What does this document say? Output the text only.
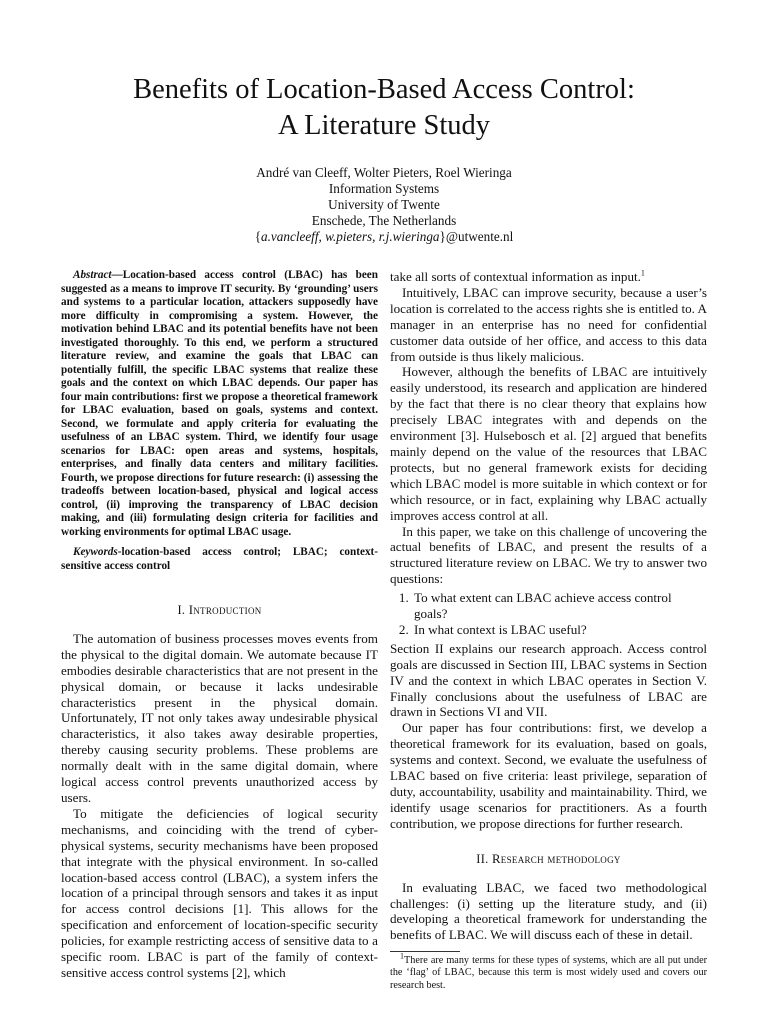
Benefits of Location-Based Access Control:
A Literature Study
André van Cleeff, Wolter Pieters, Roel Wieringa
Information Systems
University of Twente
Enschede, The Netherlands
{a.vancleeff, w.pieters, r.j.wieringa}@utwente.nl

Abstract—Location-based access control (LBAC) has been suggested as a means to improve IT security. By ‘grounding’ users and systems to a particular location, attackers supposedly have more difficulty in compromising a system. However, the motivation behind LBAC and its potential benefits have not been investigated thoroughly. To this end, we perform a structured literature review, and examine the goals that LBAC can potentially fulfill, the specific LBAC systems that realize these goals and the context on which LBAC depends. Our paper has four main contributions: first we propose a theoretical framework for LBAC evaluation, based on goals, systems and context. Second, we formulate and apply criteria for evaluating the usefulness of an LBAC system. Third, we identify four usage scenarios for LBAC: open areas and systems, hospitals, enterprises, and finally data centers and military facilities. Fourth, we propose directions for future research: (i) assessing the tradeoffs between location-based, physical and logical access control, (ii) improving the transparency of LBAC decision making, and (iii) formulating design criteria for facilities and working environments for optimal LBAC usage.

Keywords-location-based access control; LBAC; context-sensitive access control

I. Introduction

The automation of business processes moves events from the physical to the digital domain. We automate because IT embodies desirable characteristics that are not present in the physical domain, or because it lacks undesirable characteristics present in the physical domain. Unfortunately, IT not only takes away undesirable physical characteristics, it also takes away desirable properties, thereby causing security problems. These problems are normally dealt with in the same digital domain, where logical access control prevents unauthorized access by users.

To mitigate the deficiencies of logical security mechanisms, and coinciding with the trend of cyber-physical systems, security mechanisms have been proposed that integrate with the physical environment. In so-called location-based access control (LBAC), a system infers the location of a principal through sensors and takes it as input for access control decisions [1]. This allows for the specification and enforcement of location-specific security policies, for example restricting access of sensitive data to a specific room. LBAC is part of the family of context-sensitive access control systems [2], which

take all sorts of contextual information as input.$^1$

Intuitively, LBAC can improve security, because a user’s location is correlated to the access rights she is entitled to. A manager in an enterprise has no need for confidential customer data outside of her office, and access to this data from outside is thus likely malicious.

However, although the benefits of LBAC are intuitively easily understood, its research and application are hindered by the fact that there is no clear theory that explains how precisely LBAC integrates with and depends on the environment [3]. Hulsebosch et al. [2] argued that benefits mainly depend on the value of the resources that LBAC protects, but no general framework exists for deciding which LBAC model is more suitable in which context or for which resource, or in fact, explaining why LBAC actually improves access control at all.

In this paper, we take on this challenge of uncovering the actual benefits of LBAC, and present the results of a structured literature review on LBAC. We try to answer two questions:

1. To what extent can LBAC achieve access control goals?
2. In what context is LBAC useful?

Section II explains our research approach. Access control goals are discussed in Section III, LBAC systems in Section IV and the context in which LBAC operates in Section V. Finally conclusions about the usefulness of LBAC are drawn in Sections VI and VII.

Our paper has four contributions: first, we develop a theoretical framework for its evaluation, based on goals, systems and context. Second, we evaluate the usefulness of LBAC based on five criteria: least privilege, separation of duty, accountability, usability and maintainability. Third, we identify usage scenarios for practitioners. As a fourth contribution, we propose directions for further research.

II. Research methodology

In evaluating LBAC, we faced two methodological challenges: (i) setting up the literature study, and (ii) developing a theoretical framework for understanding the benefits of LBAC. We will discuss each of these in detail.

$^1$There are many terms for these types of systems, which are all put under the ‘flag’ of LBAC, because this term is most widely used and covers our research best.
